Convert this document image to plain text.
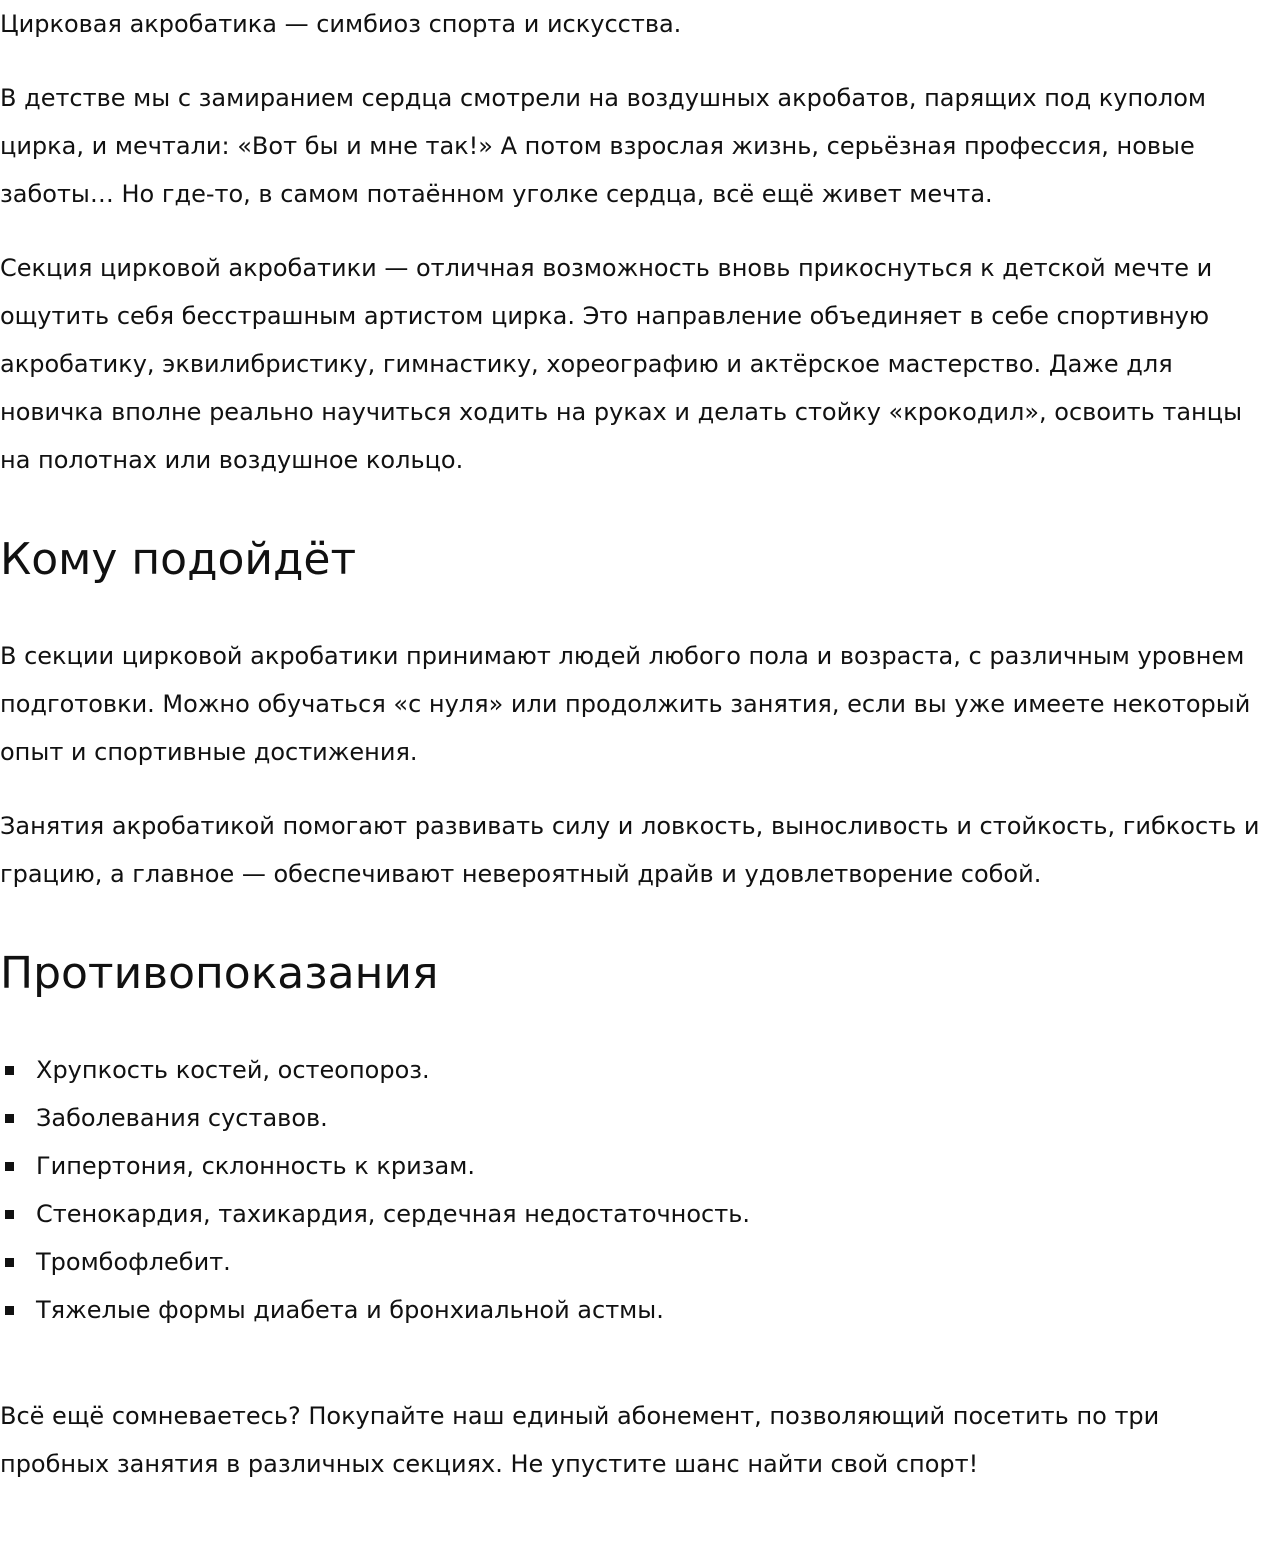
Цирковая акробатика — симбиоз спорта и искусства.

В детстве мы с замиранием сердца смотрели на воздушных акробатов, парящих под куполом цирка, и мечтали: «Вот бы и мне так!» А потом взрослая жизнь, серьёзная профессия, новые заботы… Но где-то, в самом потаённом уголке сердца, всё ещё живет мечта.

Секция цирковой акробатики — отличная возможность вновь прикоснуться к детской мечте и ощутить себя бесстрашным артистом цирка. Это направление объединяет в себе спортивную акробатику, эквилибристику, гимнастику, хореографию и актёрское мастерство. Даже для новичка вполне реально научиться ходить на руках и делать стойку «крокодил», освоить танцы на полотнах или воздушное кольцо.

Кому подойдёт

В секции цирковой акробатики принимают людей любого пола и возраста, с различным уровнем подготовки. Можно обучаться «с нуля» или продолжить занятия, если вы уже имеете некоторый опыт и спортивные достижения.

Занятия акробатикой помогают развивать силу и ловкость, выносливость и стойкость, гибкость и грацию, а главное — обеспечивают невероятный драйв и удовлетворение собой.

Противопоказания
Хрупкость костей, остеопороз.
Заболевания суставов.
Гипертония, склонность к кризам.
Стенокардия, тахикардия, сердечная недостаточность.
Тромбофлебит.
Тяжелые формы диабета и бронхиальной астмы.

Всё ещё сомневаетесь? Покупайте наш единый абонемент, позволяющий посетить по три пробных занятия в различных секциях. Не упустите шанс найти свой спорт!
